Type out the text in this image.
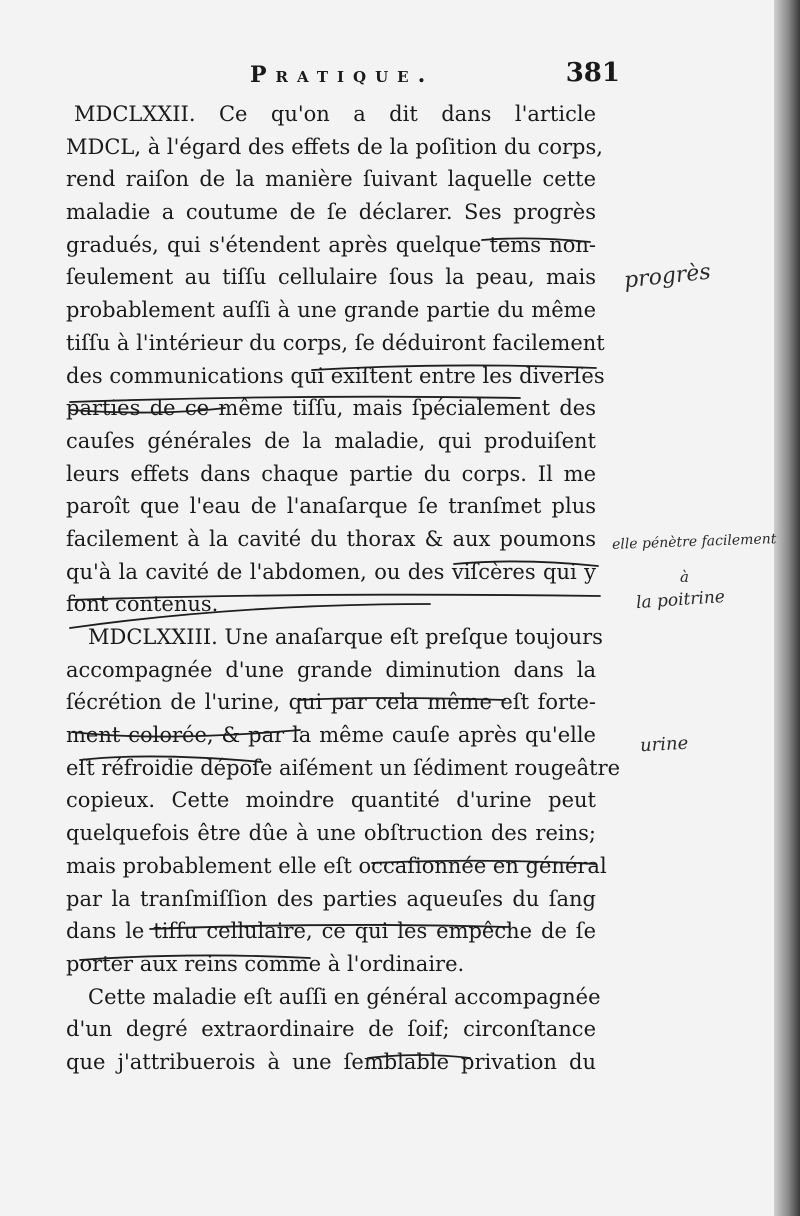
Pratique.	381
MDCLXXII. Ce qu'on a dit dans l'article
MDCL, à l'égard des effets de la poſition du corps,
rend raiſon de la manière ſuivant laquelle cette
maladie a coutume de ſe déclarer. Ses progrès
gradués, qui s'étendent après quelque tems non-
ſeulement au tiſſu cellulaire ſous la peau, mais
probablement auſſi à une grande partie du même
tiſſu à l'intérieur du corps, ſe déduiront facilement
des communications qui exiſtent entre les diverſes
parties de ce même tiſſu, mais ſpécialement des
cauſes générales de la maladie, qui produiſent
leurs effets dans chaque partie du corps. Il me
paroît que l'eau de l'anaſarque ſe tranſmet plus
facilement à la cavité du thorax & aux poumons
qu'à la cavité de l'abdomen, ou des viſcères qui y
ſont contenus.
MDCLXXIII. Une anaſarque eſt preſque toujours
accompagnée d'une grande diminution dans la
ſécrétion de l'urine, qui par cela même eſt forte-
ment colorée, & par la même cauſe après qu'elle
eſt réfroidie dépoſe aiſément un ſédiment rougeâtre
copieux. Cette moindre quantité d'urine peut
quelquefois être dûe à une obſtruction des reins;
mais probablement elle eſt occaſionnée en général
par la tranſmiſſion des parties aqueuſes du ſang
dans le tiſſu cellulaire, ce qui les empêche de ſe
porter aux reins comme à l'ordinaire.
Cette maladie eſt auſſi en général accompagnée
d'un degré extraordinaire de ſoif; circonſtance
que j'attribuerois à une ſemblable privation du
progrès
elle pénètre facilement
à
la poitrine
urine
